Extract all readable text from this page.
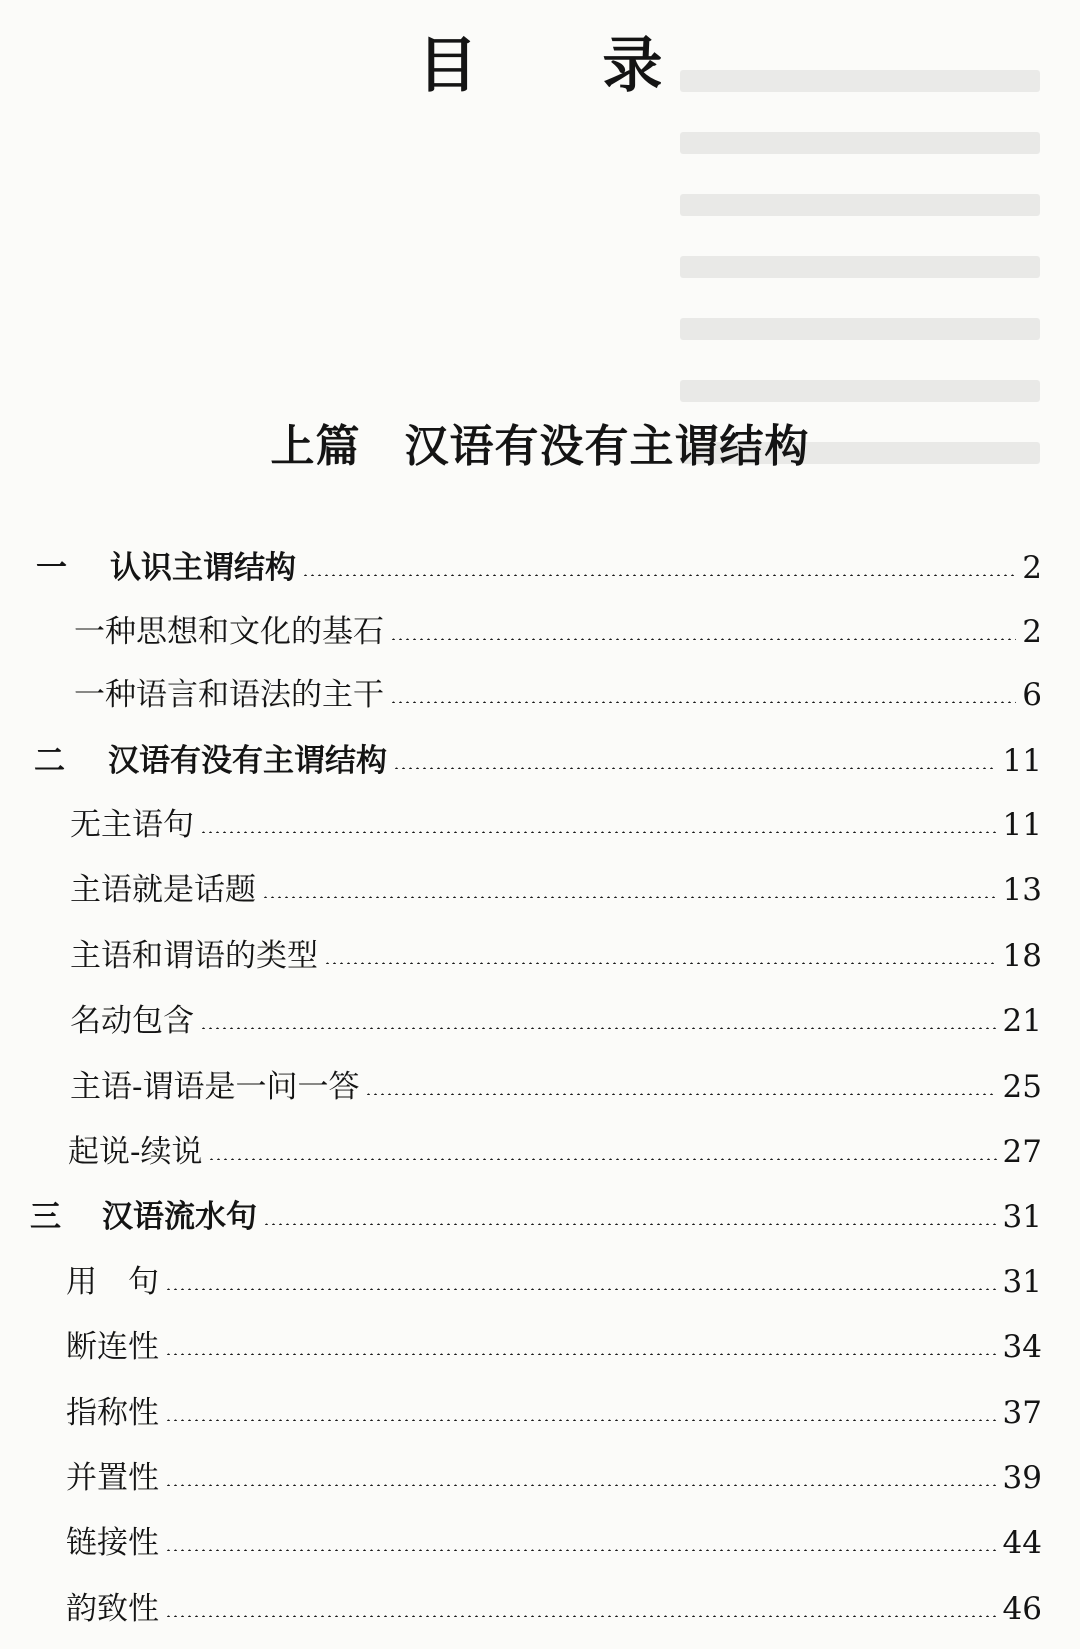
目 录
上篇 汉语有没有主谓结构
一	认识主谓结构	2
一种思想和文化的基石	2
一种语言和语法的主干	6
二	汉语有没有主谓结构	11
无主语句	11
主语就是话题	13
主语和谓语的类型	18
名动包含	21
主语-谓语是一问一答	25
起说-续说	27
三	汉语流水句	31
用　句	31
断连性	34
指称性	37
并置性	39
链接性	44
韵致性	46
